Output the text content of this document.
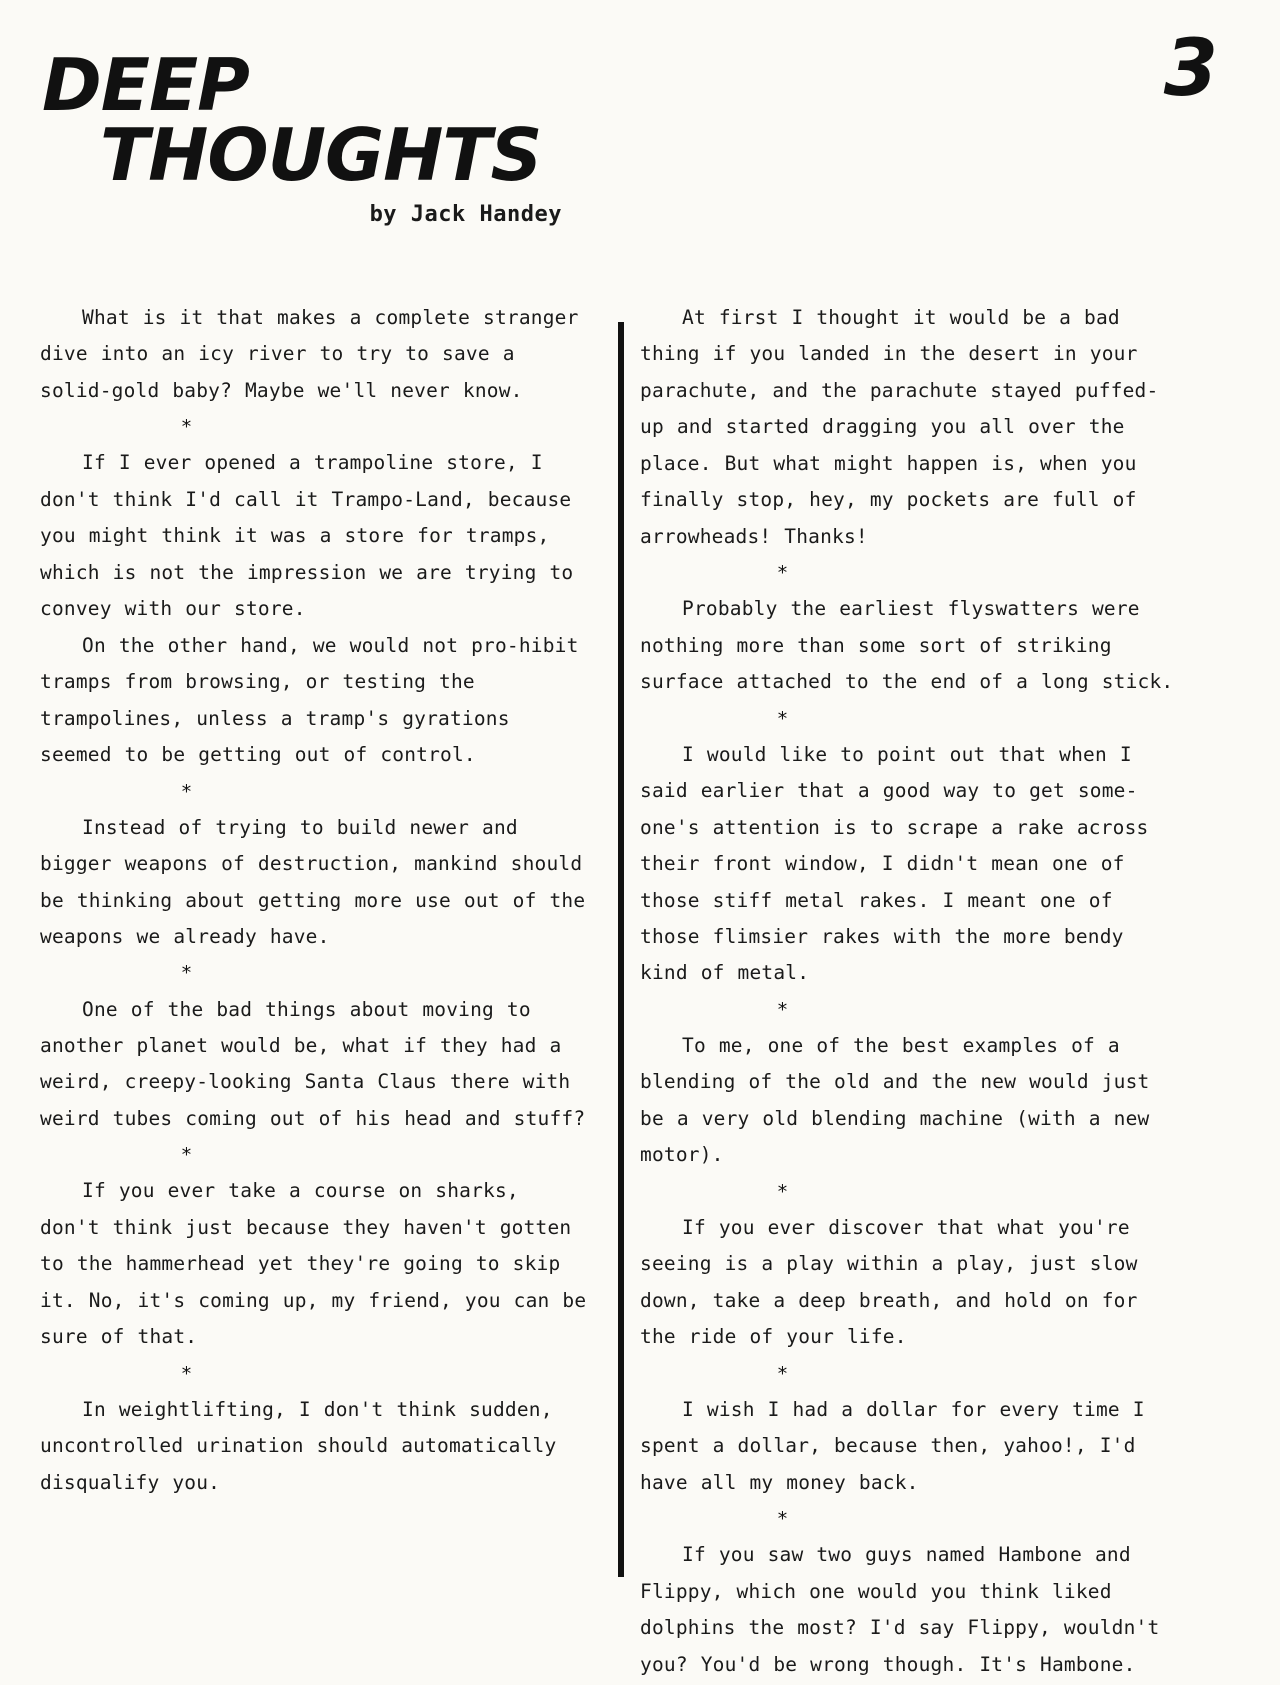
DEEP
THOUGHTS
by Jack Handey
3

What is it that makes a complete stranger dive into an icy river to try to save a solid-gold baby? Maybe we'll never know.

*

If I ever opened a trampoline store, I don't think I'd call it Trampo-Land, because you might think it was a store for tramps, which is not the impression we are trying to convey with our store.

On the other hand, we would not pro-hibit tramps from browsing, or testing the trampolines, unless a tramp's gyrations seemed to be getting out of control.

*

Instead of trying to build newer and bigger weapons of destruction, mankind should be thinking about getting more use out of the weapons we already have.

*

One of the bad things about moving to another planet would be, what if they had a weird, creepy-looking Santa Claus there with weird tubes coming out of his head and stuff?

*

If you ever take a course on sharks, don't think just because they haven't gotten to the hammerhead yet they're going to skip it. No, it's coming up, my friend, you can be sure of that.

*

In weightlifting, I don't think sudden, uncontrolled urination should automatically disqualify you.

At first I thought it would be a bad thing if you landed in the desert in your parachute, and the parachute stayed puffed-up and started dragging you all over the place. But what might happen is, when you finally stop, hey, my pockets are full of arrowheads! Thanks!

*

Probably the earliest flyswatters were nothing more than some sort of striking surface attached to the end of a long stick.

*

I would like to point out that when I said earlier that a good way to get some-one's attention is to scrape a rake across their front window, I didn't mean one of those stiff metal rakes. I meant one of those flimsier rakes with the more bendy kind of metal.

*

To me, one of the best examples of a blending of the old and the new would just be a very old blending machine (with a new motor).

*

If you ever discover that what you're seeing is a play within a play, just slow down, take a deep breath, and hold on for the ride of your life.

*

I wish I had a dollar for every time I spent a dollar, because then, yahoo!, I'd have all my money back.

*

If you saw two guys named Hambone and Flippy, which one would you think liked dolphins the most? I'd say Flippy, wouldn't you? You'd be wrong though. It's Hambone.
